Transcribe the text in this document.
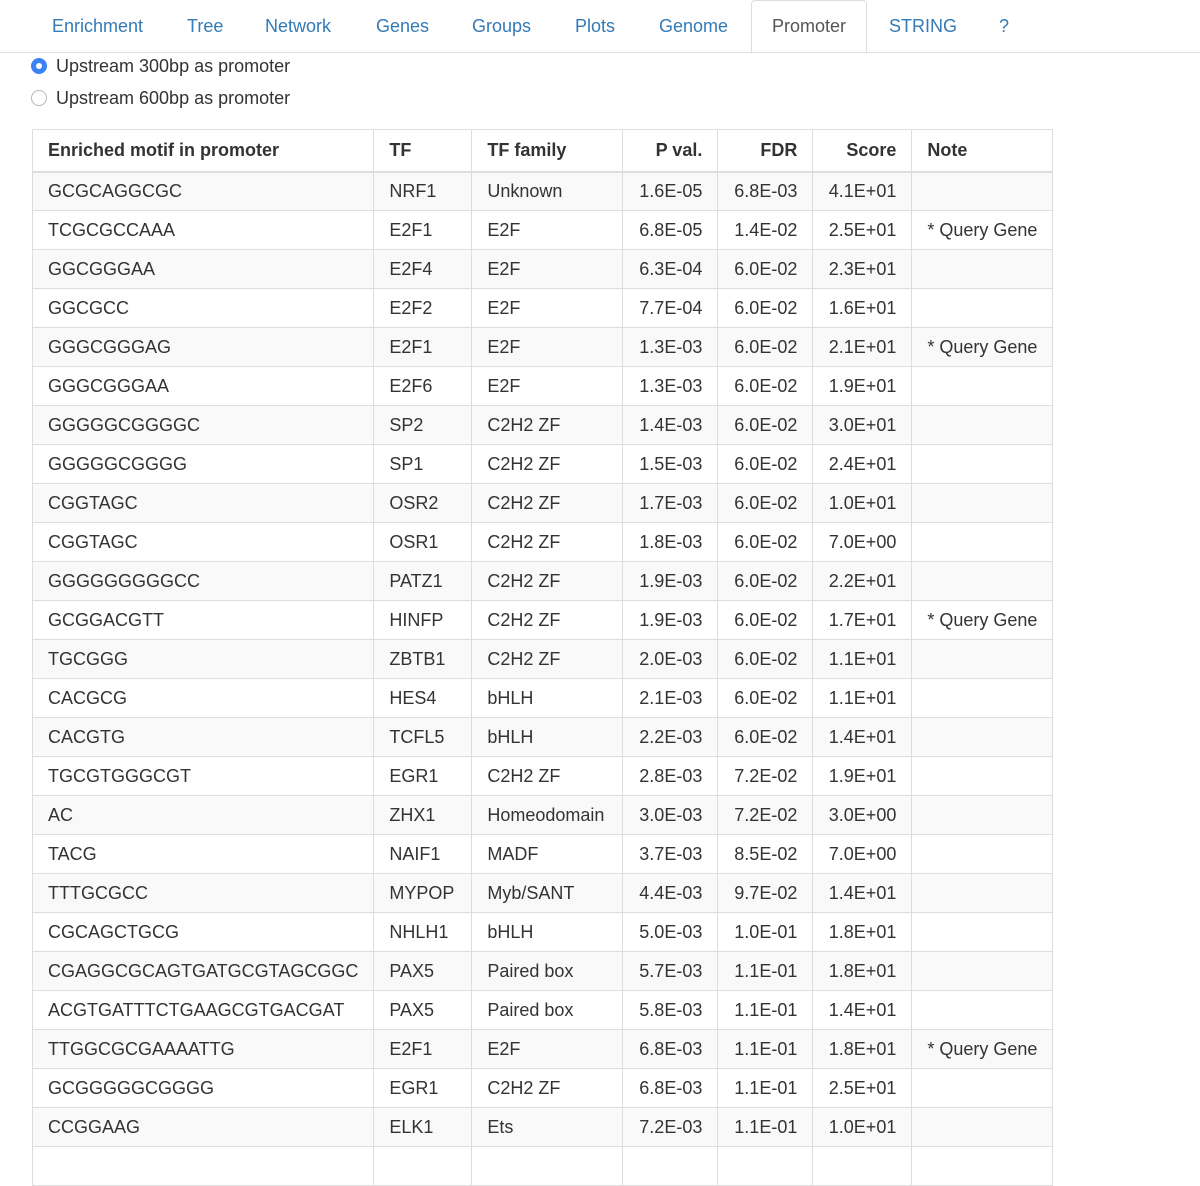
Enrichment Tree Network Genes Groups Plots Genome	Promoter	STRING ?
Upstream 300bp as promoter
Upstream 600bp as promoter
Enriched motif in promoter	TF	TF family	P val.	FDR	Score	Note
GCGCAGGCGC	NRF1	Unknown	1.6E-05	6.8E-03	4.1E+01	
TCGCGCCAAA	E2F1	E2F	6.8E-05	1.4E-02	2.5E+01	* Query Gene
GGCGGGAA	E2F4	E2F	6.3E-04	6.0E-02	2.3E+01	
GGCGCC	E2F2	E2F	7.7E-04	6.0E-02	1.6E+01	
GGGCGGGAG	E2F1	E2F	1.3E-03	6.0E-02	2.1E+01	* Query Gene
GGGCGGGAA	E2F6	E2F	1.3E-03	6.0E-02	1.9E+01	
GGGGGCGGGGC	SP2	C2H2 ZF	1.4E-03	6.0E-02	3.0E+01	
GGGGGCGGGG	SP1	C2H2 ZF	1.5E-03	6.0E-02	2.4E+01	
CGGTAGC	OSR2	C2H2 ZF	1.7E-03	6.0E-02	1.0E+01	
CGGTAGC	OSR1	C2H2 ZF	1.8E-03	6.0E-02	7.0E+00	
GGGGGGGGGCC	PATZ1	C2H2 ZF	1.9E-03	6.0E-02	2.2E+01	
GCGGACGTT	HINFP	C2H2 ZF	1.9E-03	6.0E-02	1.7E+01	* Query Gene
TGCGGG	ZBTB1	C2H2 ZF	2.0E-03	6.0E-02	1.1E+01	
CACGCG	HES4	bHLH	2.1E-03	6.0E-02	1.1E+01	
CACGTG	TCFL5	bHLH	2.2E-03	6.0E-02	1.4E+01	
TGCGTGGGCGT	EGR1	C2H2 ZF	2.8E-03	7.2E-02	1.9E+01	
AC	ZHX1	Homeodomain	3.0E-03	7.2E-02	3.0E+00	
TACG	NAIF1	MADF	3.7E-03	8.5E-02	7.0E+00	
TTTGCGCC	MYPOP	Myb/SANT	4.4E-03	9.7E-02	1.4E+01	
CGCAGCTGCG	NHLH1	bHLH	5.0E-03	1.0E-01	1.8E+01	
CGAGGCGCAGTGATGCGTAGCGGC	PAX5	Paired box	5.7E-03	1.1E-01	1.8E+01	
ACGTGATTTCTGAAGCGTGACGAT	PAX5	Paired box	5.8E-03	1.1E-01	1.4E+01	
TTGGCGCGAAAATTG	E2F1	E2F	6.8E-03	1.1E-01	1.8E+01	* Query Gene
GCGGGGGCGGGG	EGR1	C2H2 ZF	6.8E-03	1.1E-01	2.5E+01	
CCGGAAG	ELK1	Ets	7.2E-03	1.1E-01	1.0E+01	
